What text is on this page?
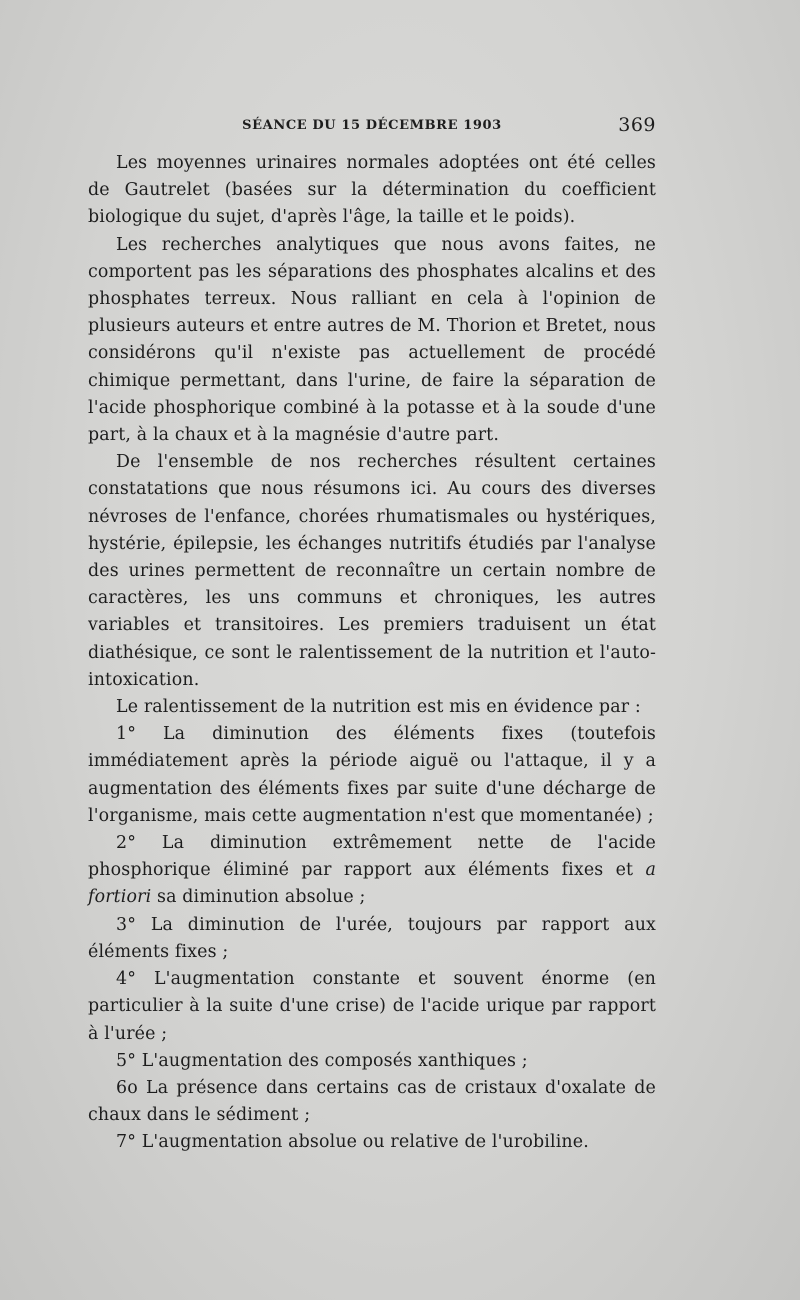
SÉANCE DU 15 DÉCEMBRE 1903	369

Les moyennes urinaires normales adoptées ont été celles de Gautrelet (basées sur la détermination du coefficient biologique du sujet, d'après l'âge, la taille et le poids).

Les recherches analytiques que nous avons faites, ne comportent pas les séparations des phosphates alcalins et des phosphates terreux. Nous ralliant en cela à l'opinion de plusieurs auteurs et entre autres de M. Thorion et Bretet, nous considérons qu'il n'existe pas actuellement de procédé chimique permettant, dans l'urine, de faire la séparation de l'acide phosphorique combiné à la potasse et à la soude d'une part, à la chaux et à la magnésie d'autre part.

De l'ensemble de nos recherches résultent certaines constatations que nous résumons ici. Au cours des diverses névroses de l'enfance, chorées rhumatismales ou hystériques, hystérie, épilepsie, les échanges nutritifs étudiés par l'analyse des urines permettent de reconnaître un certain nombre de caractères, les uns communs et chroniques, les autres variables et transitoires. Les premiers traduisent un état diathésique, ce sont le ralentissement de la nutrition et l'auto-intoxication.

Le ralentissement de la nutrition est mis en évidence par :

1° La diminution des éléments fixes (toutefois immédiatement après la période aiguë ou l'attaque, il y a augmentation des éléments fixes par suite d'une décharge de l'organisme, mais cette augmentation n'est que momentanée) ;

2° La diminution extrêmement nette de l'acide phosphorique éliminé par rapport aux éléments fixes et a fortiori sa diminution absolue ;

3° La diminution de l'urée, toujours par rapport aux éléments fixes ;

4° L'augmentation constante et souvent énorme (en particulier à la suite d'une crise) de l'acide urique par rapport à l'urée ;

5° L'augmentation des composés xanthiques ;

6o La présence dans certains cas de cristaux d'oxalate de chaux dans le sédiment ;

7° L'augmentation absolue ou relative de l'urobiline.
